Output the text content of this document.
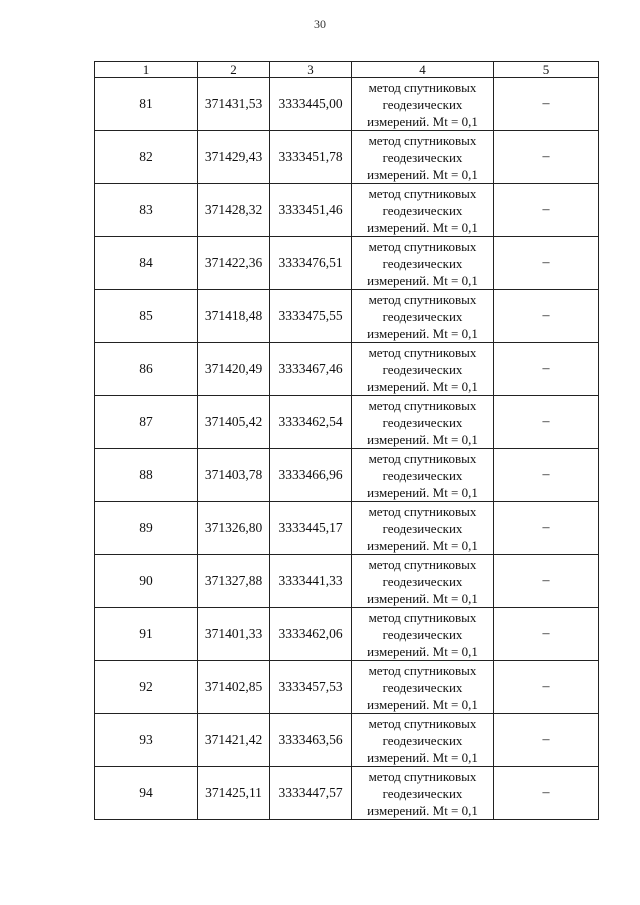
30
1	2	3	4	5
81	371431,53	3333445,00	метод спутниковых
геодезических
измерений. Mt = 0,1	–
82	371429,43	3333451,78	метод спутниковых
геодезических
измерений. Mt = 0,1	–
83	371428,32	3333451,46	метод спутниковых
геодезических
измерений. Mt = 0,1	–
84	371422,36	3333476,51	метод спутниковых
геодезических
измерений. Mt = 0,1	–
85	371418,48	3333475,55	метод спутниковых
геодезических
измерений. Mt = 0,1	–
86	371420,49	3333467,46	метод спутниковых
геодезических
измерений. Mt = 0,1	–
87	371405,42	3333462,54	метод спутниковых
геодезических
измерений. Mt = 0,1	–
88	371403,78	3333466,96	метод спутниковых
геодезических
измерений. Mt = 0,1	–
89	371326,80	3333445,17	метод спутниковых
геодезических
измерений. Mt = 0,1	–
90	371327,88	3333441,33	метод спутниковых
геодезических
измерений. Mt = 0,1	–
91	371401,33	3333462,06	метод спутниковых
геодезических
измерений. Mt = 0,1	–
92	371402,85	3333457,53	метод спутниковых
геодезических
измерений. Mt = 0,1	–
93	371421,42	3333463,56	метод спутниковых
геодезических
измерений. Mt = 0,1	–
94	371425,11	3333447,57	метод спутниковых
геодезических
измерений. Mt = 0,1	–
